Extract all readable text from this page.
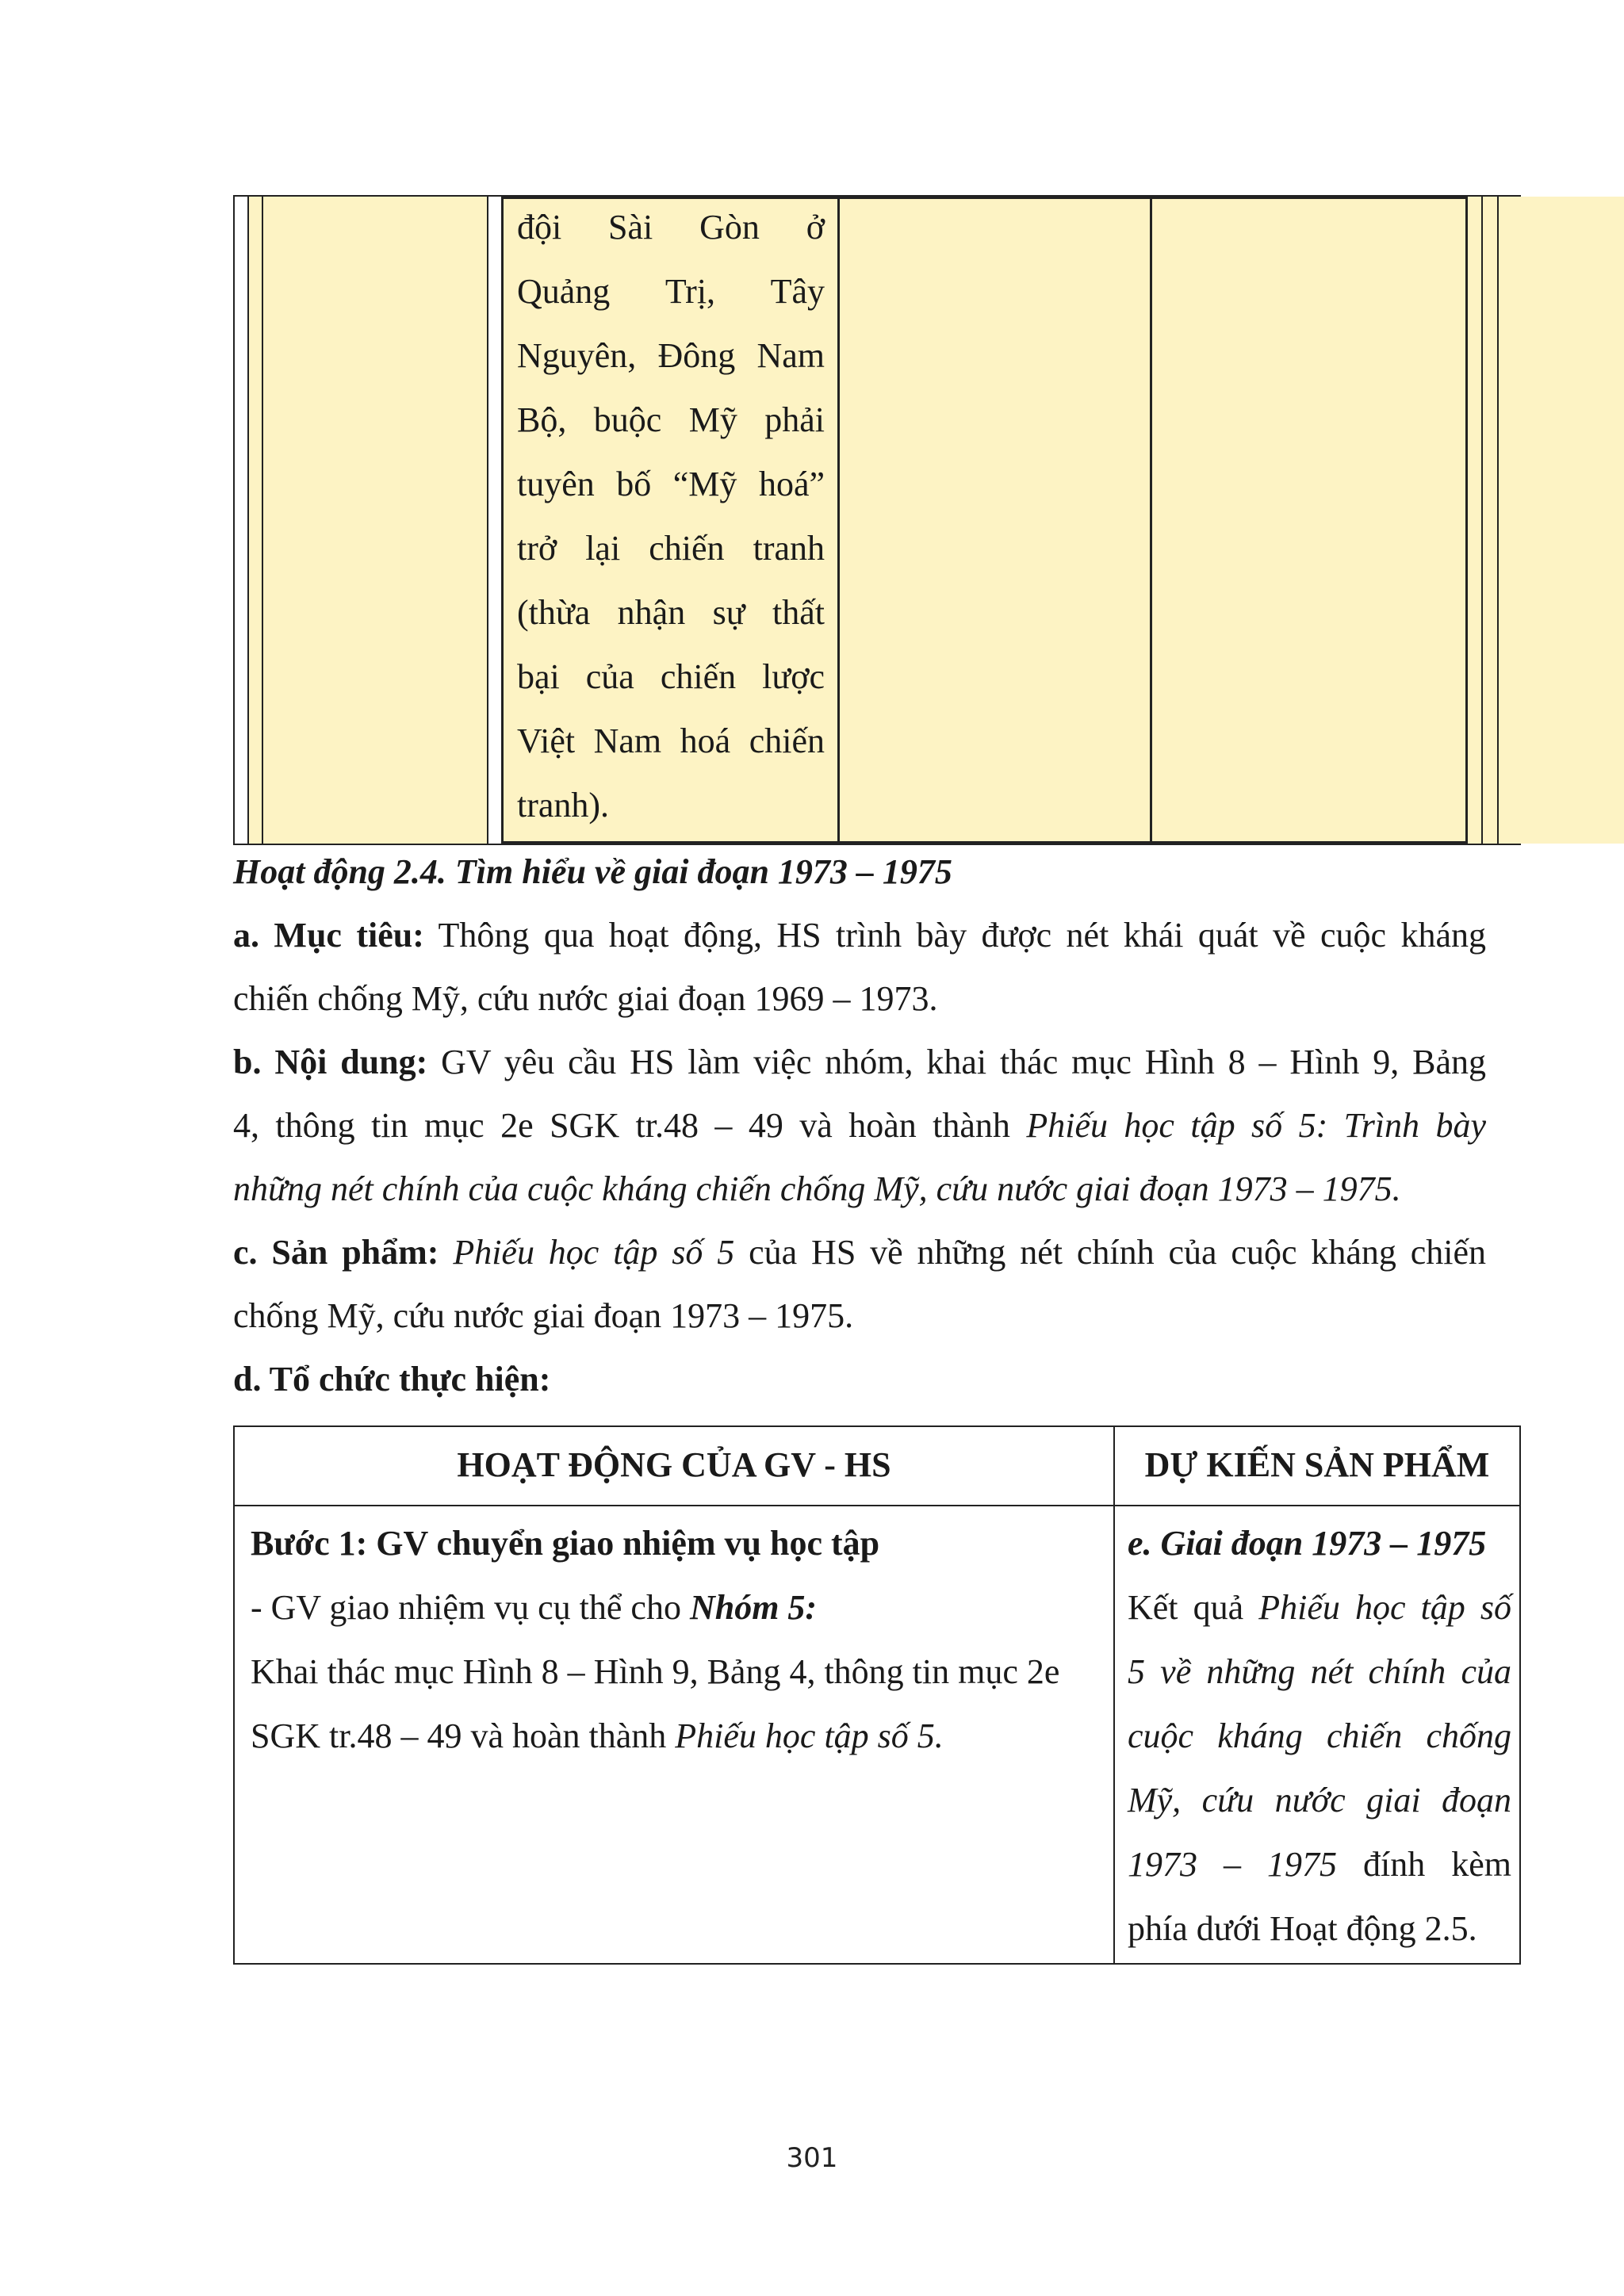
đội Sài Gòn ở
Quảng Trị, Tây
Nguyên, Đông Nam
Bộ, buộc Mỹ phải
tuyên bố “Mỹ hoá”
trở lại chiến tranh
(thừa nhận sự thất
bại của chiến lược
Việt Nam hoá chiến
tranh).
Hoạt động 2.4. Tìm hiểu về giai đoạn 1973 – 1975
a. Mục tiêu: Thông qua hoạt động, HS trình bày được nét khái quát về cuộc kháng
chiến chống Mỹ, cứu nước giai đoạn 1969 – 1973.
b. Nội dung: GV yêu cầu HS làm việc nhóm, khai thác mục Hình 8 – Hình 9, Bảng
4, thông tin mục 2e SGK tr.48 – 49 và hoàn thành Phiếu học tập số 5: Trình bày
những nét chính của cuộc kháng chiến chống Mỹ, cứu nước giai đoạn 1973 – 1975.
c. Sản phẩm: Phiếu học tập số 5 của HS về những nét chính của cuộc kháng chiến
chống Mỹ, cứu nước giai đoạn 1973 – 1975.
d. Tổ chức thực hiện:
HOẠT ĐỘNG CỦA GV - HS	DỰ KIẾN SẢN PHẨM
Bước 1: GV chuyển giao nhiệm vụ học tập
- GV giao nhiệm vụ cụ thể cho Nhóm 5:
Khai thác mục Hình 8 – Hình 9, Bảng 4, thông tin mục 2e
SGK tr.48 – 49 và hoàn thành Phiếu học tập số 5.
e. Giai đoạn 1973 – 1975
Kết quả Phiếu học tập số
5 về những nét chính của
cuộc kháng chiến chống
Mỹ, cứu nước giai đoạn
1973 – 1975 đính kèm
phía dưới Hoạt động 2.5.
301
